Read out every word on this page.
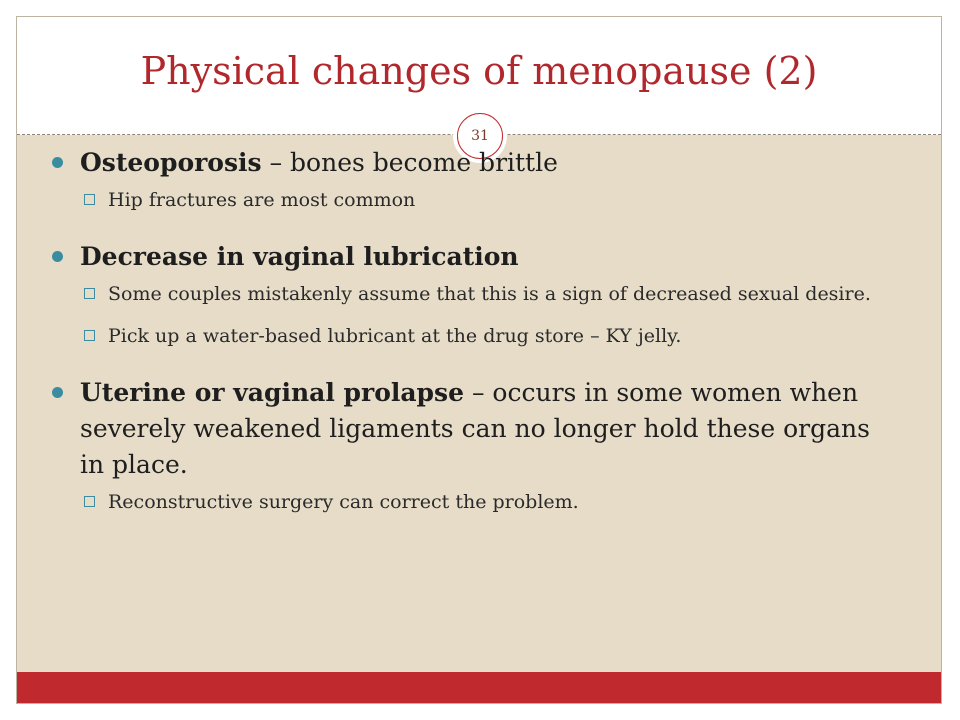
Physical changes of menopause (2)
31
Osteoporosis – bones become brittle
Hip fractures are most common
Decrease in vaginal lubrication
Some couples mistakenly assume that this is a sign of decreased sexual desire.
Pick up a water-based lubricant at the drug store – KY jelly.
Uterine or vaginal prolapse – occurs in some women when severely weakened ligaments can no longer hold these organs in place.
Reconstructive surgery can correct the problem.
